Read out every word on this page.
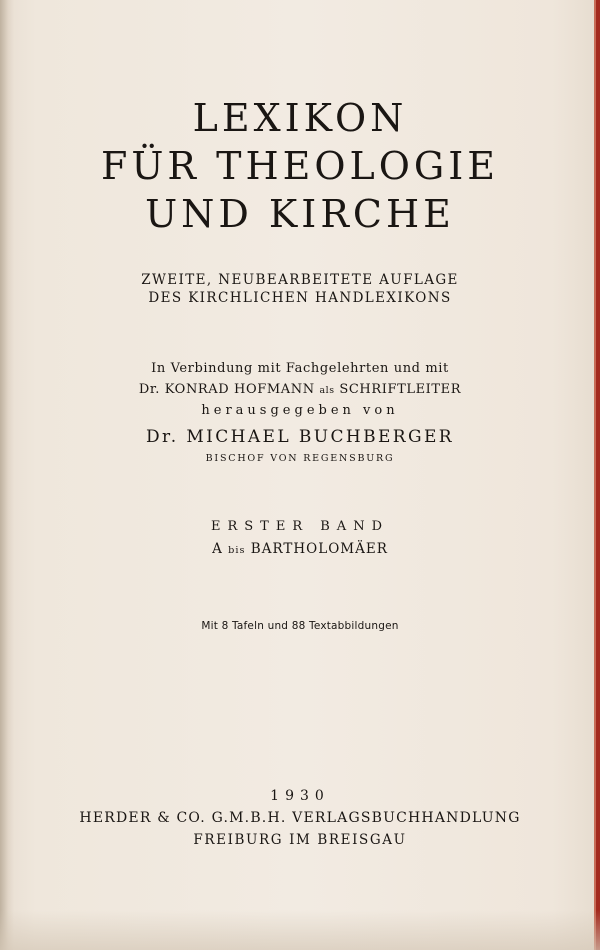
LEXIKON
FÜR THEOLOGIE
UND KIRCHE
ZWEITE, NEUBEARBEITETE AUFLAGE
DES KIRCHLICHEN HANDLEXIKONS
In Verbindung mit Fachgelehrten und mit
Dr. KONRAD HOFMANN als SCHRIFTLEITER
herausgegeben von
Dr. MICHAEL BUCHBERGER
BISCHOF VON REGENSBURG
ERSTER BAND
A bis BARTHOLOMÄER
Mit 8 Tafeln und 88 Textabbildungen
1930
HERDER & CO. G.M.B.H. VERLAGSBUCHHANDLUNG
FREIBURG IM BREISGAU
